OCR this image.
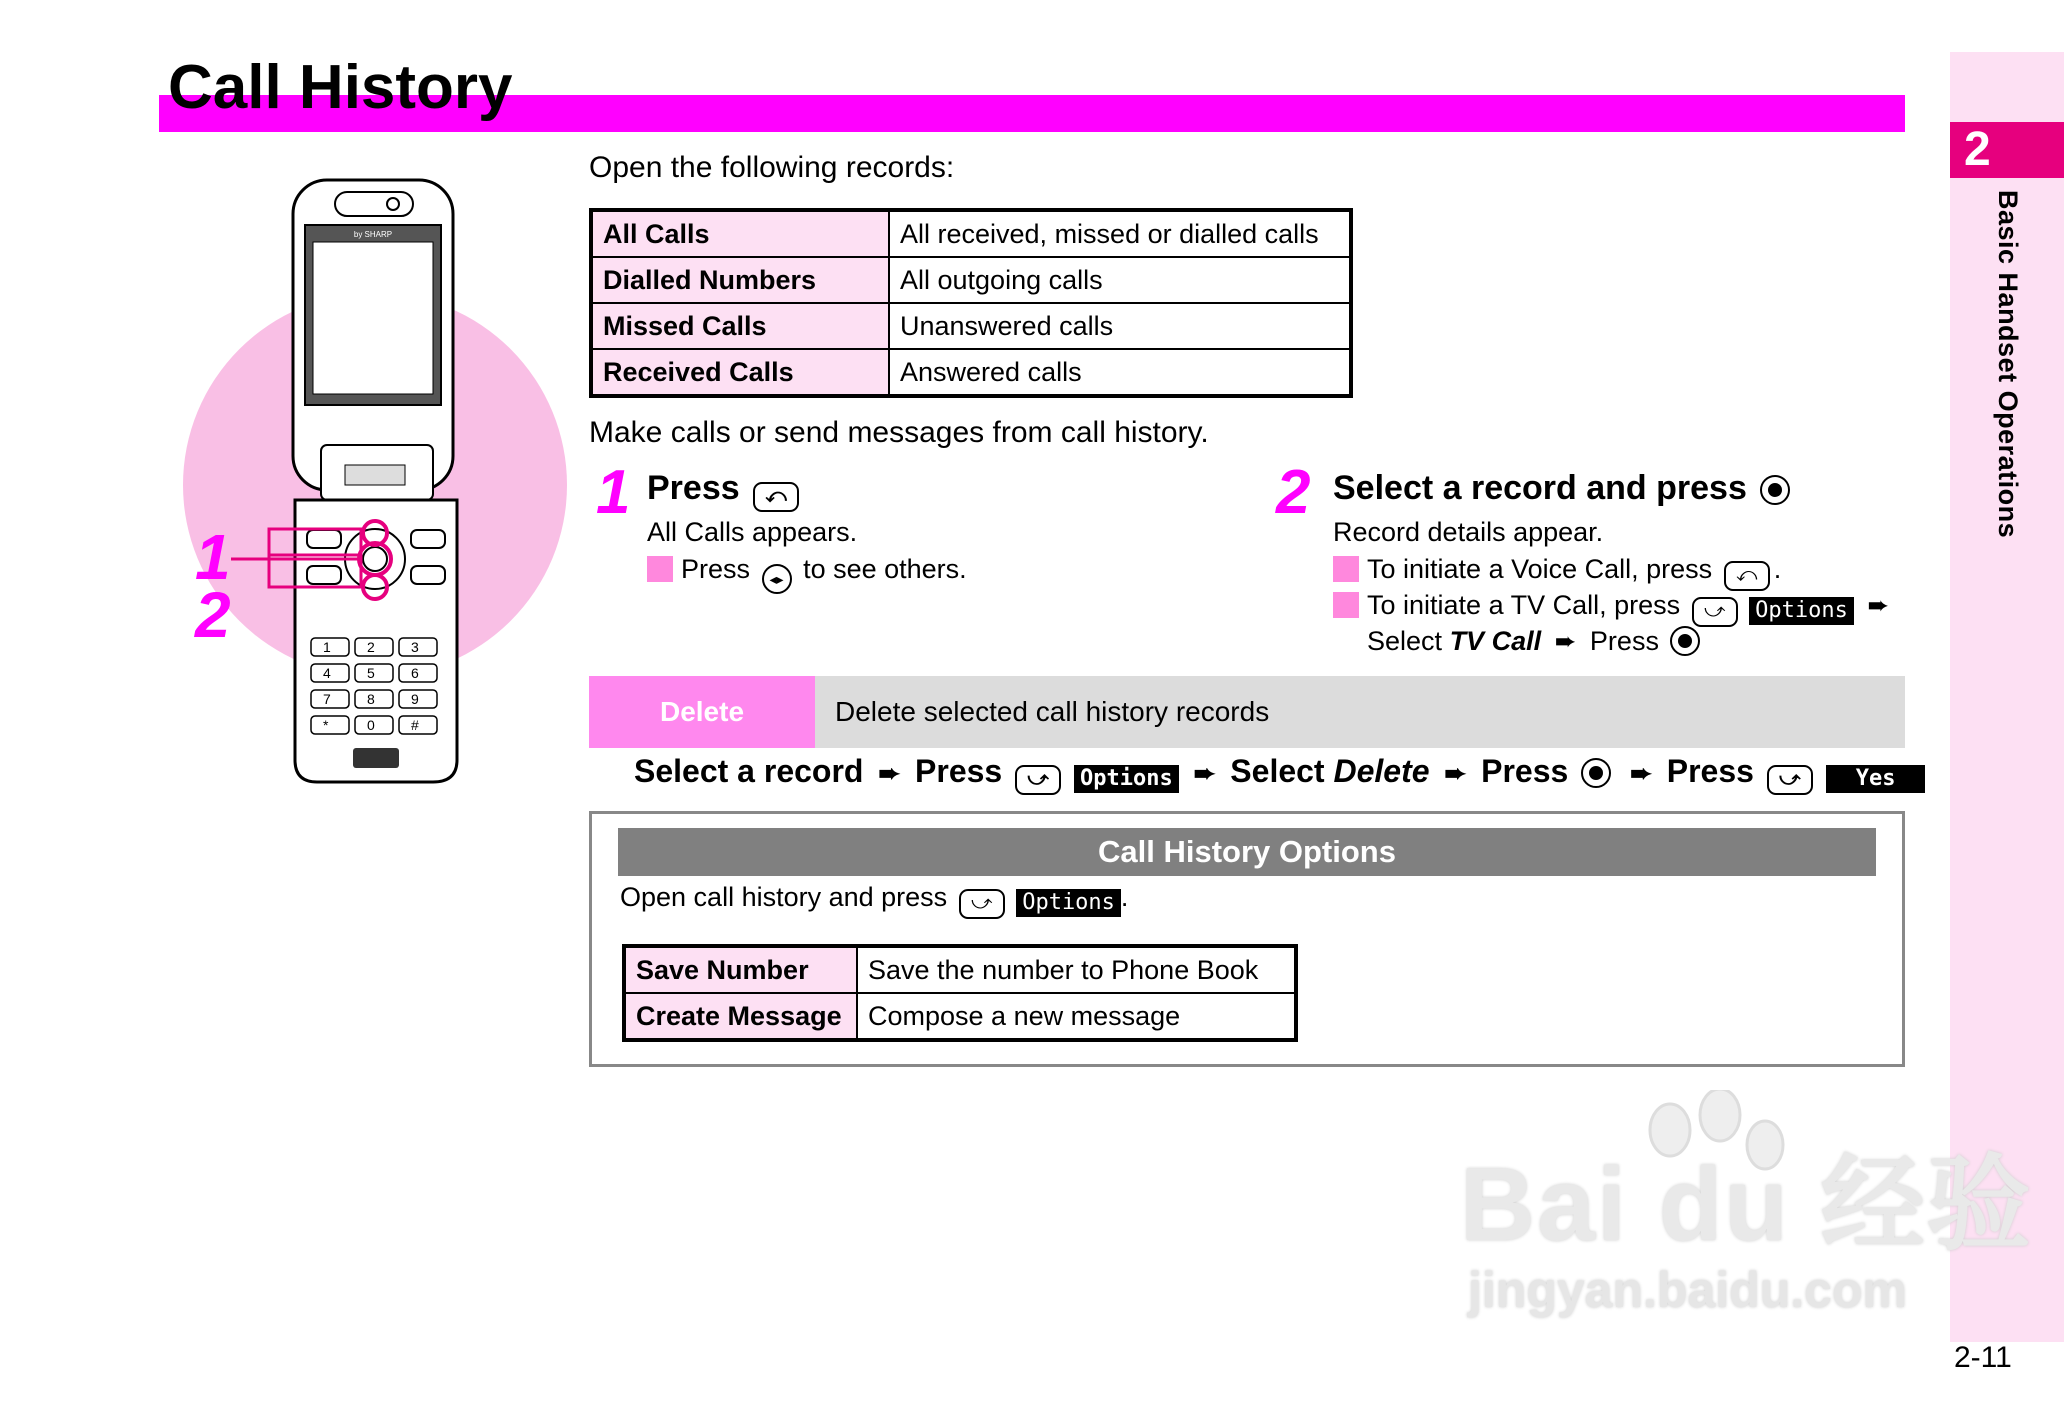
Call History
2
Basic Handset Operations
2-11
by SHARP
1	2	3
4	5	6
7	8	9
*	0	#
1
2
Open the following records:
All Calls	All received, missed or dialled calls
Dialled Numbers	All outgoing calls
Missed Calls	Unanswered calls
Received Calls	Answered calls
Make calls or send messages from call history.
1 Press ⤺
All Calls appears.
Press ◂▸ to see others.
2 Select a record and press
Record details appear.
To initiate a Voice Call, press ⤺ .
To initiate a TV Call, press ⤻ Options ➨
Select TV Call ➨ Press
Delete	Delete selected call history records
Select a record ➨ Press ⤻ Options ➨ Select Delete ➨ Press ➨ Press ⤻	Yes
Call History Options
Open call history and press ⤻ Options .
Save Number	Save the number to Phone Book
Create Message	Compose a new message
Bai du 经验
jingyan.baidu.com
